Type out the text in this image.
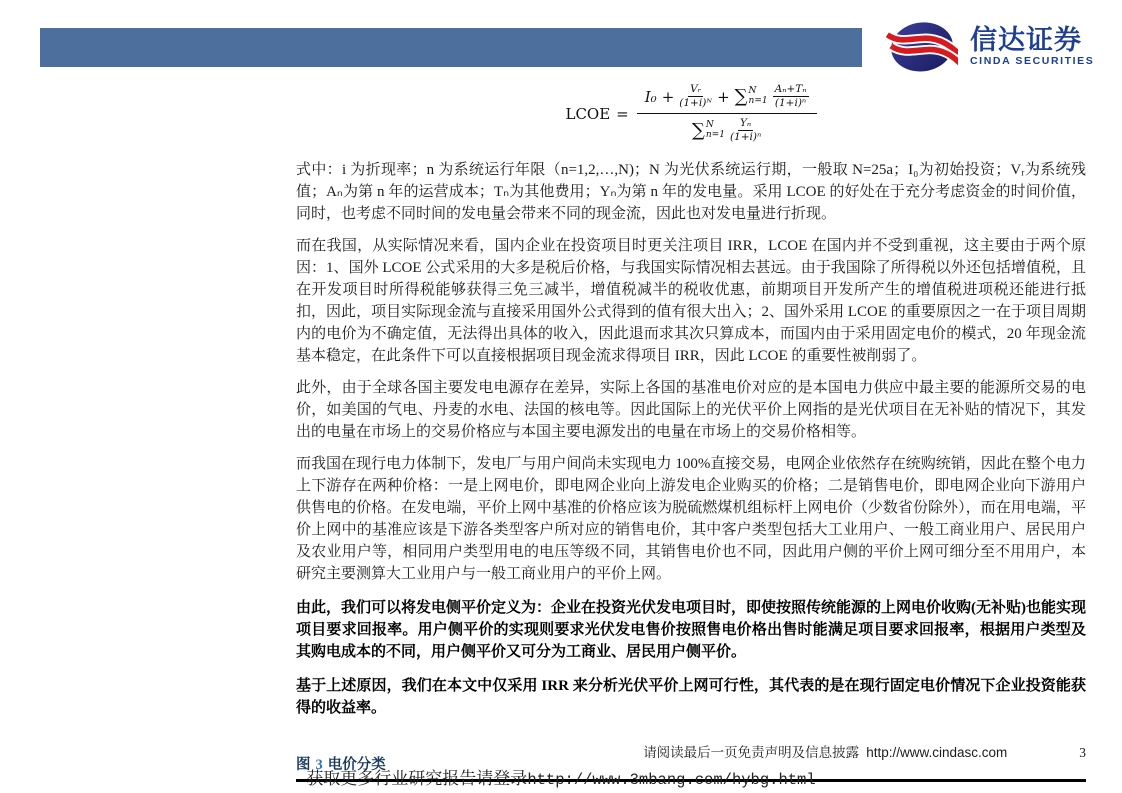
信达证券
CINDA SECURITIES
LCOE =
$I_0 + \frac{\text{Vᵣ}}{\text{(1+i)ᴺ}}$ + ∑ N
$n=1 \frac{\text{Aₙ+Tₙ}}{\text{(1+i)ⁿ}}$
∑ N
$n=1 \frac{\text{Yₙ}}{\text{(1+i)ⁿ}}$

式中：i 为折现率；n 为系统运行年限（n=1,2,…,N)；N 为光伏系统运行期，一般取 N=25a；I₀为初始投资；Vᵣ为系统残值；Aₙ为第 n 年的运营成本；Tₙ为其他费用；Yₙ为第 n 年的发电量。采用 LCOE 的好处在于充分考虑资金的时间价值，同时，也考虑不同时间的发电量会带来不同的现金流，因此也对发电量进行折现。

而在我国，从实际情况来看，国内企业在投资项目时更关注项目 IRR，LCOE 在国内并不受到重视，这主要由于两个原因：1、国外 LCOE 公式采用的大多是税后价格，与我国实际情况相去甚远。由于我国除了所得税以外还包括增值税，且在开发项目时所得税能够获得三免三减半，增值税减半的税收优惠，前期项目开发所产生的增值税进项税还能进行抵扣，因此，项目实际现金流与直接采用国外公式得到的值有很大出入；2、国外采用 LCOE 的重要原因之一在于项目周期内的电价为不确定值，无法得出具体的收入，因此退而求其次只算成本，而国内由于采用固定电价的模式，20 年现金流基本稳定，在此条件下可以直接根据项目现金流求得项目 IRR，因此 LCOE 的重要性被削弱了。

此外，由于全球各国主要发电电源存在差异，实际上各国的基准电价对应的是本国电力供应中最主要的能源所交易的电价，如美国的气电、丹麦的水电、法国的核电等。因此国际上的光伏平价上网指的是光伏项目在无补贴的情况下，其发出的电量在市场上的交易价格应与本国主要电源发出的电量在市场上的交易价格相等。

而我国在现行电力体制下，发电厂与用户间尚未实现电力 100%直接交易，电网企业依然存在统购统销，因此在整个电力上下游存在两种价格：一是上网电价，即电网企业向上游发电企业购买的价格；二是销售电价，即电网企业向下游用户供售电的价格。在发电端，平价上网中基准的价格应该为脱硫燃煤机组标杆上网电价（少数省份除外），而在用电端，平价上网中的基准应该是下游各类型客户所对应的销售电价，其中客户类型包括大工业用户、一般工商业用户、居民用户及农业用户等，相同用户类型用电的电压等级不同，其销售电价也不同，因此用户侧的平价上网可细分至不用用户，本研究主要测算大工业用户与一般工商业用户的平价上网。

由此，我们可以将发电侧平价定义为：企业在投资光伏发电项目时，即使按照传统能源的上网电价收购(无补贴)也能实现项目要求回报率。用户侧平价的实现则要求光伏发电售价按照售电价格出售时能满足项目要求回报率，根据用户类型及其购电成本的不同，用户侧平价又可分为工商业、居民用户侧平价。

基于上述原因，我们在本文中仅采用 IRR 来分析光伏平价上网可行性，其代表的是在现行固定电价情况下企业投资能获得的收益率。

图 3 电价分类
请阅读最后一页免责声明及信息披露 http://www.cindasc.com	3
获取更多行业研究报告请登录http://www.3mbang.com/hybg.html
